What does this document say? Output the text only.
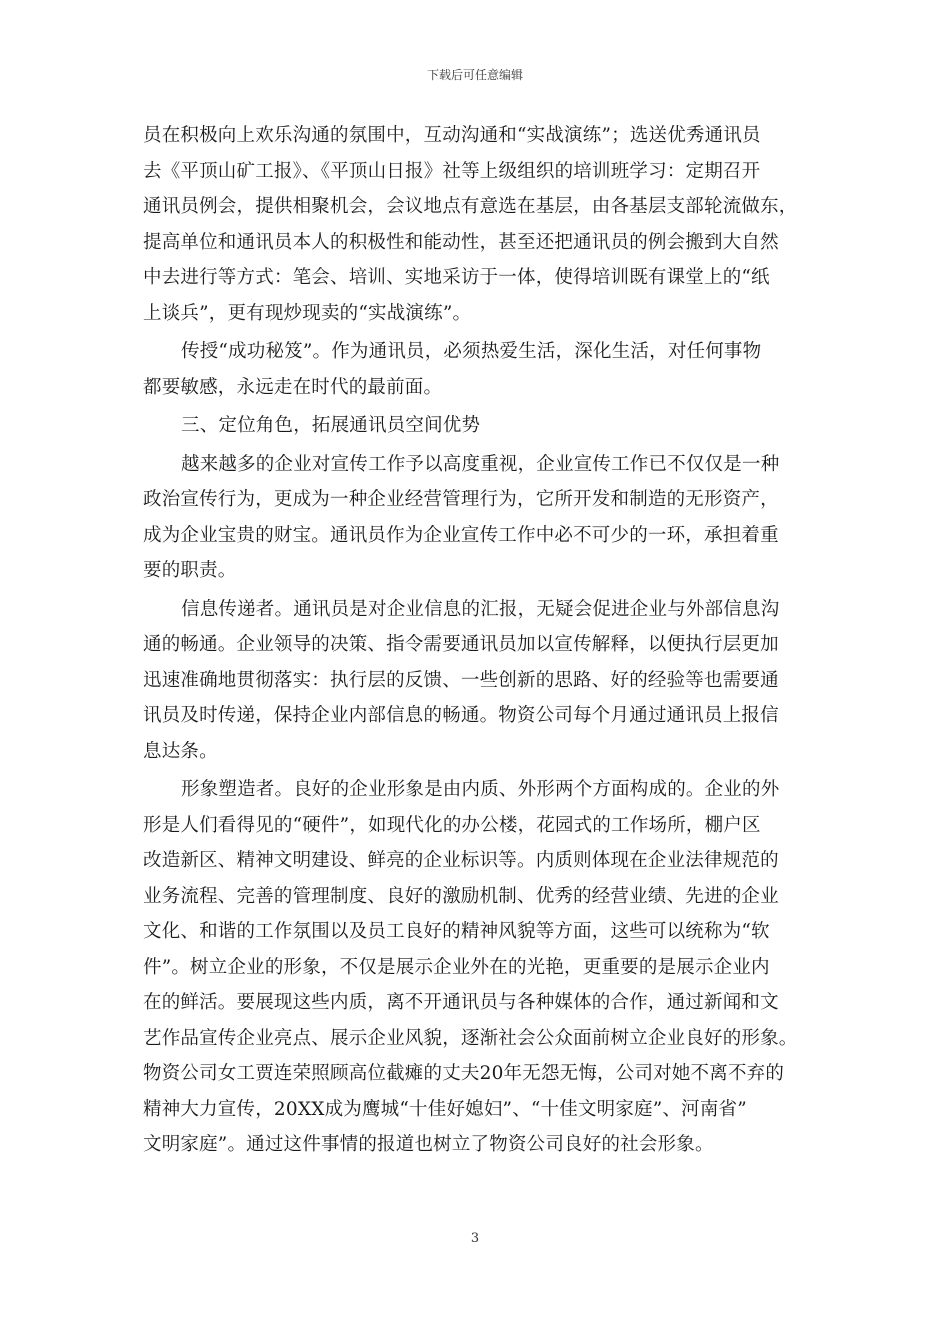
下载后可任意编辑
员在积极向上欢乐沟通的氛围中，互动沟通和“实战演练”；选送优秀通讯员
去《平顶山矿工报》、《平顶山日报》社等上级组织的培训班学习：定期召开
通讯员例会，提供相聚机会，会议地点有意选在基层，由各基层支部轮流做东，
提高单位和通讯员本人的积极性和能动性，甚至还把通讯员的例会搬到大自然
中去进行等方式：笔会、培训、实地采访于一体，使得培训既有课堂上的“纸
上谈兵”，更有现炒现卖的“实战演练”。
传授“成功秘笈”。作为通讯员，必须热爱生活，深化生活，对任何事物
都要敏感，永远走在时代的最前面。
三、定位角色，拓展通讯员空间优势
越来越多的企业对宣传工作予以高度重视，企业宣传工作已不仅仅是一种
政治宣传行为，更成为一种企业经营管理行为，它所开发和制造的无形资产，
成为企业宝贵的财宝。通讯员作为企业宣传工作中必不可少的一环，承担着重
要的职责。
信息传递者。通讯员是对企业信息的汇报，无疑会促进企业与外部信息沟
通的畅通。企业领导的决策、指令需要通讯员加以宣传解释，以便执行层更加
迅速准确地贯彻落实：执行层的反馈、一些创新的思路、好的经验等也需要通
讯员及时传递，保持企业内部信息的畅通。物资公司每个月通过通讯员上报信
息达条。
形象塑造者。良好的企业形象是由内质、外形两个方面构成的。企业的外
形是人们看得见的“硬件”，如现代化的办公楼，花园式的工作场所，棚户区
改造新区、精神文明建设、鲜亮的企业标识等。内质则体现在企业法律规范的
业务流程、完善的管理制度、良好的激励机制、优秀的经营业绩、先进的企业
文化、和谐的工作氛围以及员工良好的精神风貌等方面，这些可以统称为“软
件”。树立企业的形象，不仅是展示企业外在的光艳，更重要的是展示企业内
在的鲜活。要展现这些内质，离不开通讯员与各种媒体的合作，通过新闻和文
艺作品宣传企业亮点、展示企业风貌，逐渐社会公众面前树立企业良好的形象。
物资公司女工贾连荣照顾高位截瘫的丈夫20年无怨无悔，公司对她不离不弃的
精神大力宣传，20XX成为鹰城“十佳好媳妇”、“十佳文明家庭”、河南省”
文明家庭”。通过这件事情的报道也树立了物资公司良好的社会形象。
3
